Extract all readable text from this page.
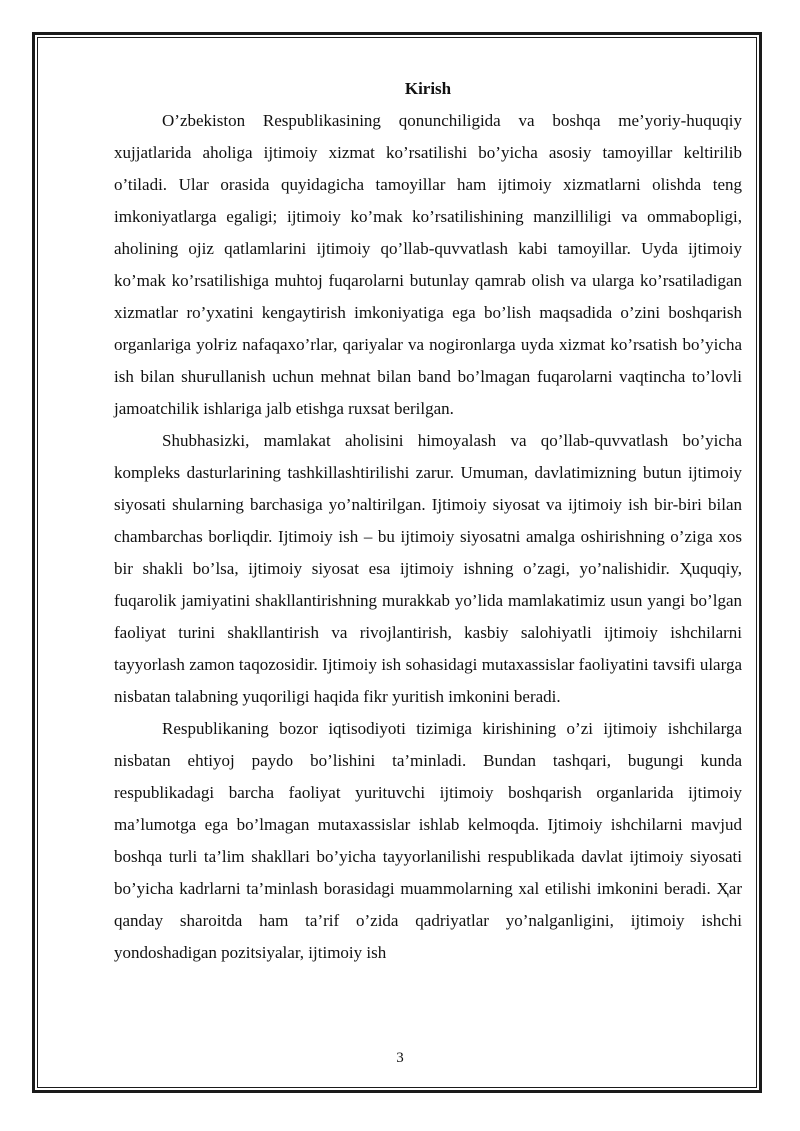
Kirish

O’zbekiston Respublikasining qonunchiligida va boshqa me’yoriy-huquqiy xujjatlarida aholiga ijtimoiy xizmat ko’rsatilishi bo’yicha asosiy tamoyillar keltirilib o’tiladi. Ular orasida quyidagicha tamoyillar ham ijtimoiy xizmatlarni olishda teng imkoniyatlarga egaligi; ijtimoiy ko’mak ko’rsatilishining manzilliligi va ommabopligi, aholining ojiz qatlamlarini ijtimoiy qo’llab-quvvatlash kabi tamoyillar. Uyda ijtimoiy ko’mak ko’rsatilishiga muhtoj fuqarolarni butunlay qamrab olish va ularga ko’rsatiladigan xizmatlar ro’yxatini kengaytirish imkoniyatiga ega bo’lish maqsadida o’zini boshqarish organlariga yolғiz nafaqaxo’rlar, qariyalar va nogironlarga uyda xizmat ko’rsatish bo’yicha ish bilan shuғullanish uchun mehnat bilan band bo’lmagan fuqarolarni vaqtincha to’lovli jamoatchilik ishlariga jalb etishga ruxsat berilgan.

Shubhasizki, mamlakat aholisini himoyalash va qo’llab-quvvatlash bo’yicha kompleks dasturlarining tashkillashtirilishi zarur. Umuman, davlatimizning butun ijtimoiy siyosati shularning barchasiga yo’naltirilgan. Ijtimoiy siyosat va ijtimoiy ish bir-biri bilan chambarchas boғliqdir. Ijtimoiy ish – bu ijtimoiy siyosatni amalga oshirishning o’ziga xos bir shakli bo’lsa, ijtimoiy siyosat esa ijtimoiy ishning o’zagi, yo’nalishidir. Ҳuquqiy, fuqarolik jamiyatini shakllantirishning murakkab yo’lida mamlakatimiz usun yangi bo’lgan faoliyat turini shakllantirish va rivojlantirish, kasbiy salohiyatli ijtimoiy ishchilarni tayyorlash zamon taqozosidir. Ijtimoiy ish sohasidagi mutaxassislar faoliyatini tavsifi ularga nisbatan talabning yuqoriligi haqida fikr yuritish imkonini beradi.

Respublikaning bozor iqtisodiyoti tizimiga kirishining o’zi ijtimoiy ishchilarga nisbatan ehtiyoj paydo bo’lishini ta’minladi. Bundan tashqari, bugungi kunda respublikadagi barcha faoliyat yurituvchi ijtimoiy boshqarish organlarida ijtimoiy ma’lumotga ega bo’lmagan mutaxassislar ishlab kelmoqda. Ijtimoiy ishchilarni mavjud boshqa turli ta’lim shakllari bo’yicha tayyorlanilishi respublikada davlat ijtimoiy siyosati bo’yicha kadrlarni ta’minlash borasidagi muammolarning xal etilishi imkonini beradi. Ҳar qanday sharoitda ham ta’rif o’zida qadriyatlar yo’nalganligini, ijtimoiy ishchi yondoshadigan pozitsiyalar, ijtimoiy ish

3
